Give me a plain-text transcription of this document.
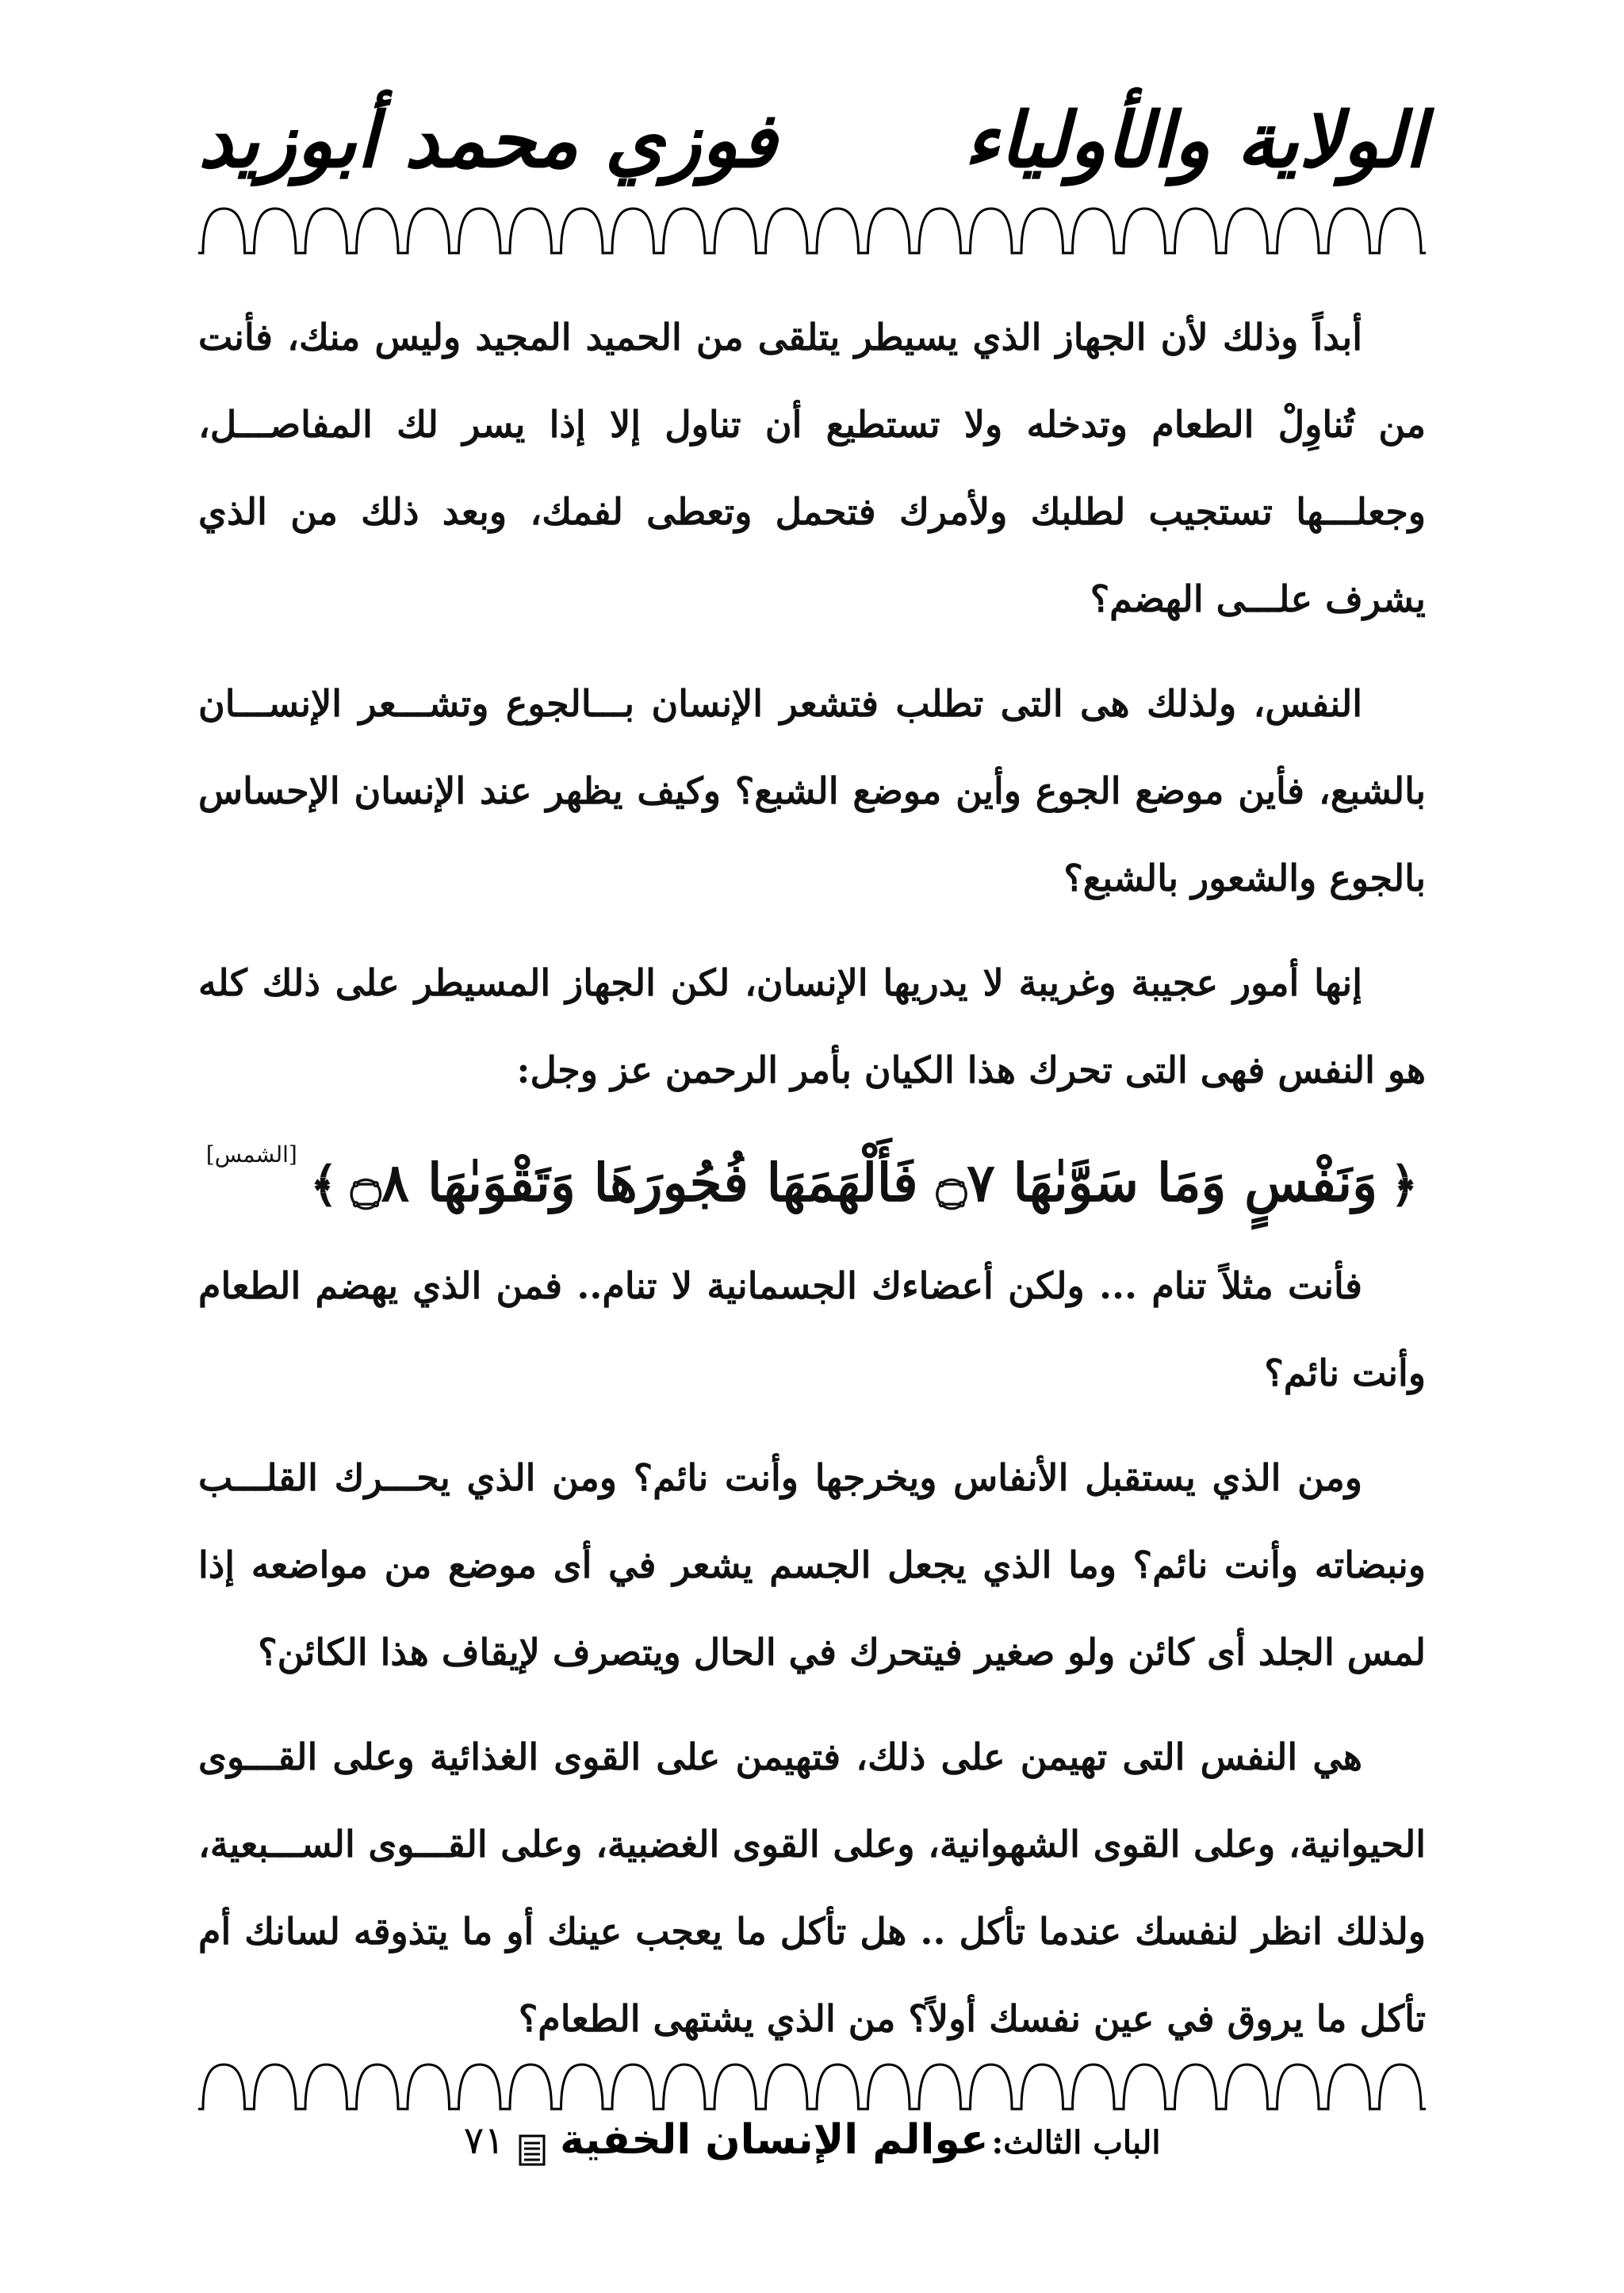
الولاية والأولياء
فوزي محمد أبوزيد

أبداً وذلك لأن الجهاز الذي يسيطر يتلقى من الحميد المجيد وليس منك، فأنت من تُناوِلْ الطعام وتدخله ولا تستطيع أن تناول إلا إذا يسر لك المفاصـــل، وجعلـــها تستجيب لطلبك ولأمرك فتحمل وتعطى لفمك، وبعد ذلك من الذي يشرف علـــى الهضم؟

النفس، ولذلك هى التى تطلب فتشعر الإنسان بـــالجوع وتشـــعر الإنســـان بالشبع، فأين موضع الجوع وأين موضع الشبع؟ وكيف يظهر عند الإنسان الإحساس بالجوع والشعور بالشبع؟

إنها أمور عجيبة وغريبة لا يدريها الإنسان، لكن الجهاز المسيطر على ذلك كله هو النفس فهى التى تحرك هذا الكيان بأمر الرحمن عز وجل:

﴿ وَنَفْسٍ وَمَا سَوَّىٰهَا ۝٧ فَأَلْهَمَهَا فُجُورَهَا وَتَقْوَىٰهَا ۝٨ ﴾ [الشمس]

فأنت مثلاً تنام ... ولكن أعضاءك الجسمانية لا تنام.. فمن الذي يهضم الطعام وأنت نائم؟

ومن الذي يستقبل الأنفاس ويخرجها وأنت نائم؟ ومن الذي يحـــرك القلـــب ونبضاته وأنت نائم؟ وما الذي يجعل الجسم يشعر في أى موضع من مواضعه إذا لمس الجلد أى كائن ولو صغير فيتحرك في الحال ويتصرف لإيقاف هذا الكائن؟

هي النفس التى تهيمن على ذلك، فتهيمن على القوى الغذائية وعلى القـــوى الحيوانية، وعلى القوى الشهوانية، وعلى القوى الغضبية، وعلى القـــوى الســـبعية، ولذلك انظر لنفسك عندما تأكل .. هل تأكل ما يعجب عينك أو ما يتذوقه لسانك أم تأكل ما يروق في عين نفسك أولاً؟ من الذي يشتهى الطعام؟

الباب الثالث: عوالم الإنسان الخفية  ٧١
